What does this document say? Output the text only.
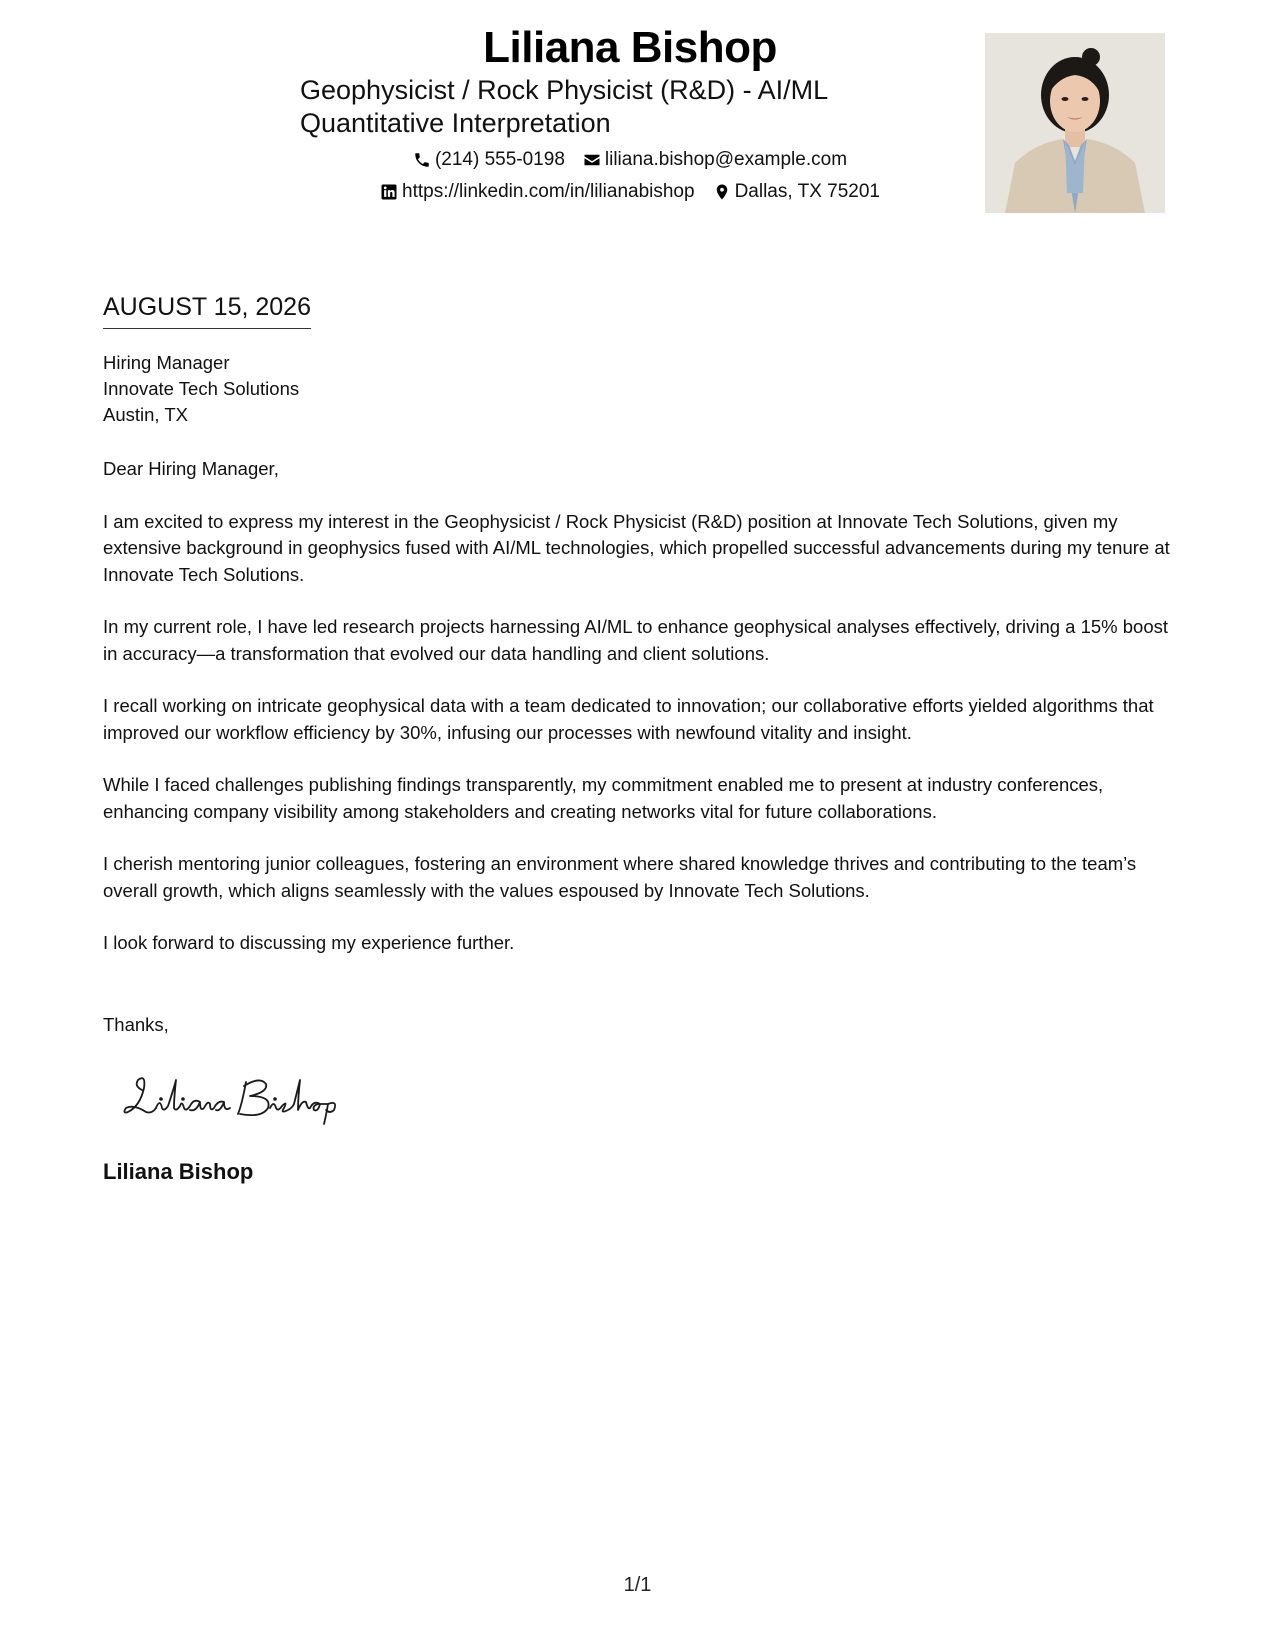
Liliana Bishop
Geophysicist / Rock Physicist (R&D) - AI/ML Quantitative Interpretation
(214) 555-0198 liliana.bishop@example.com
https://linkedin.com/in/lilianabishop Dallas, TX 75201
AUGUST 15, 2026
Hiring Manager
Innovate Tech Solutions
Austin, TX

Dear Hiring Manager,

I am excited to express my interest in the Geophysicist / Rock Physicist (R&D) position at Innovate Tech Solutions, given my extensive background in geophysics fused with AI/ML technologies, which propelled successful advancements during my tenure at Innovate Tech Solutions.

In my current role, I have led research projects harnessing AI/ML to enhance geophysical analyses effectively, driving a 15% boost in accuracy—a transformation that evolved our data handling and client solutions.

I recall working on intricate geophysical data with a team dedicated to innovation; our collaborative efforts yielded algorithms that improved our workflow efficiency by 30%, infusing our processes with newfound vitality and insight.

While I faced challenges publishing findings transparently, my commitment enabled me to present at industry conferences, enhancing company visibility among stakeholders and creating networks vital for future collaborations.

I cherish mentoring junior colleagues, fostering an environment where shared knowledge thrives and contributing to the team’s overall growth, which aligns seamlessly with the values espoused by Innovate Tech Solutions.

I look forward to discussing my experience further.

Thanks,
Liliana Bishop
1/1
